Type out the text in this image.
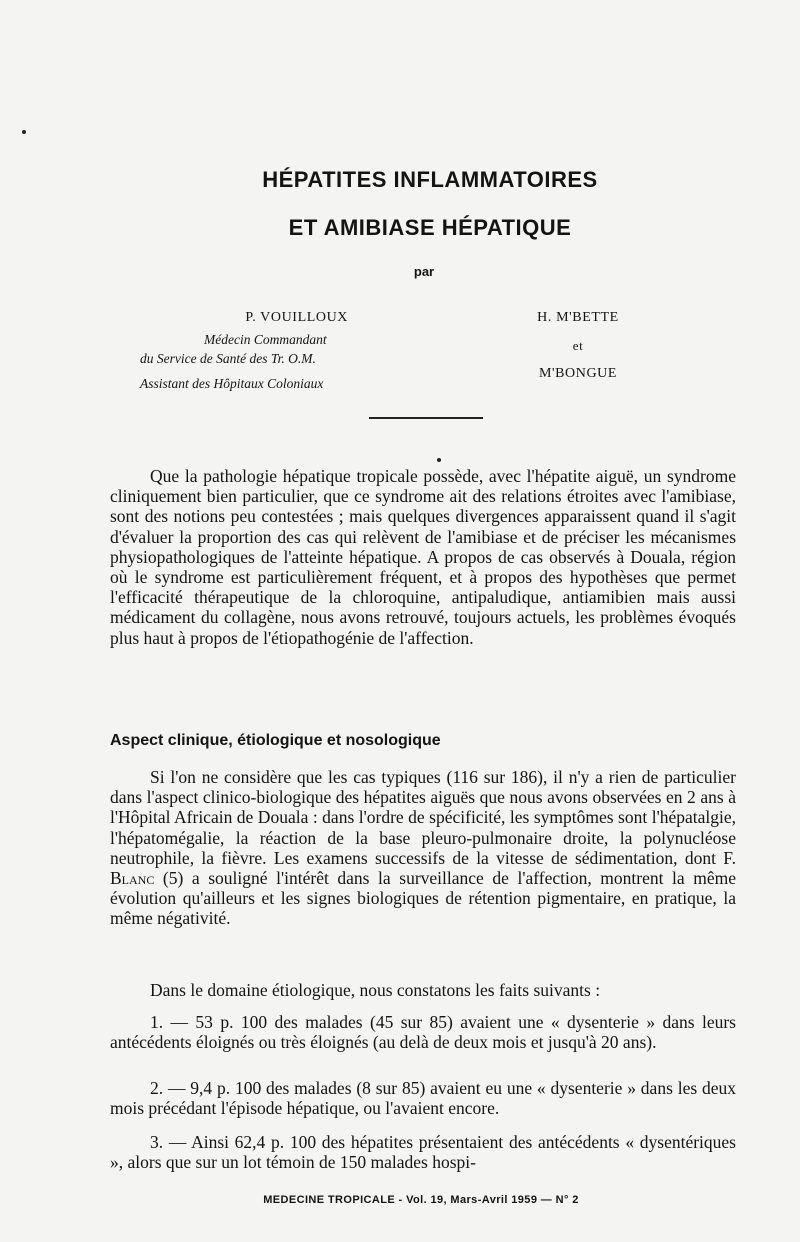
HÉPATITES INFLAMMATOIRES
ET AMIBIASE HÉPATIQUE
par
P. VOUILLOUX
Médecin Commandant
du Service de Santé des Tr. O.M.
Assistant des Hôpitaux Coloniaux
H. M'BETTE
et
M'BONGUE

Que la pathologie hépatique tropicale possède, avec l'hépatite aiguë, un syndrome cliniquement bien particulier, que ce syndrome ait des relations étroites avec l'amibiase, sont des notions peu contestées ; mais quelques divergences apparaissent quand il s'agit d'évaluer la proportion des cas qui relèvent de l'amibiase et de préciser les mécanismes physiopathologiques de l'atteinte hépatique. A propos de cas observés à Douala, région où le syndrome est particulièrement fréquent, et à propos des hypothèses que permet l'efficacité thérapeutique de la chloroquine, antipaludique, antiamibien mais aussi médicament du collagène, nous avons retrouvé, toujours actuels, les problèmes évoqués plus haut à propos de l'étiopathogénie de l'affection.

Aspect clinique, étiologique et nosologique

Si l'on ne considère que les cas typiques (116 sur 186), il n'y a rien de particulier dans l'aspect clinico-biologique des hépatites aiguës que nous avons observées en 2 ans à l'Hôpital Africain de Douala : dans l'ordre de spécificité, les symptômes sont l'hépatalgie, l'hépatomégalie, la réaction de la base pleuro-pulmonaire droite, la polynucléose neutrophile, la fièvre. Les examens successifs de la vitesse de sédimentation, dont F. Blanc (5) a souligné l'intérêt dans la surveillance de l'affection, montrent la même évolution qu'ailleurs et les signes biologiques de rétention pigmentaire, en pratique, la même négativité.

Dans le domaine étiologique, nous constatons les faits suivants :

1. — 53 p. 100 des malades (45 sur 85) avaient une « dysenterie » dans leurs antécédents éloignés ou très éloignés (au delà de deux mois et jusqu'à 20 ans).

2. — 9,4 p. 100 des malades (8 sur 85) avaient eu une « dysenterie » dans les deux mois précédant l'épisode hépatique, ou l'avaient encore.

3. — Ainsi 62,4 p. 100 des hépatites présentaient des antécédents « dysentériques », alors que sur un lot témoin de 150 malades hospi-

MEDECINE TROPICALE - Vol. 19, Mars-Avril 1959 — N° 2
